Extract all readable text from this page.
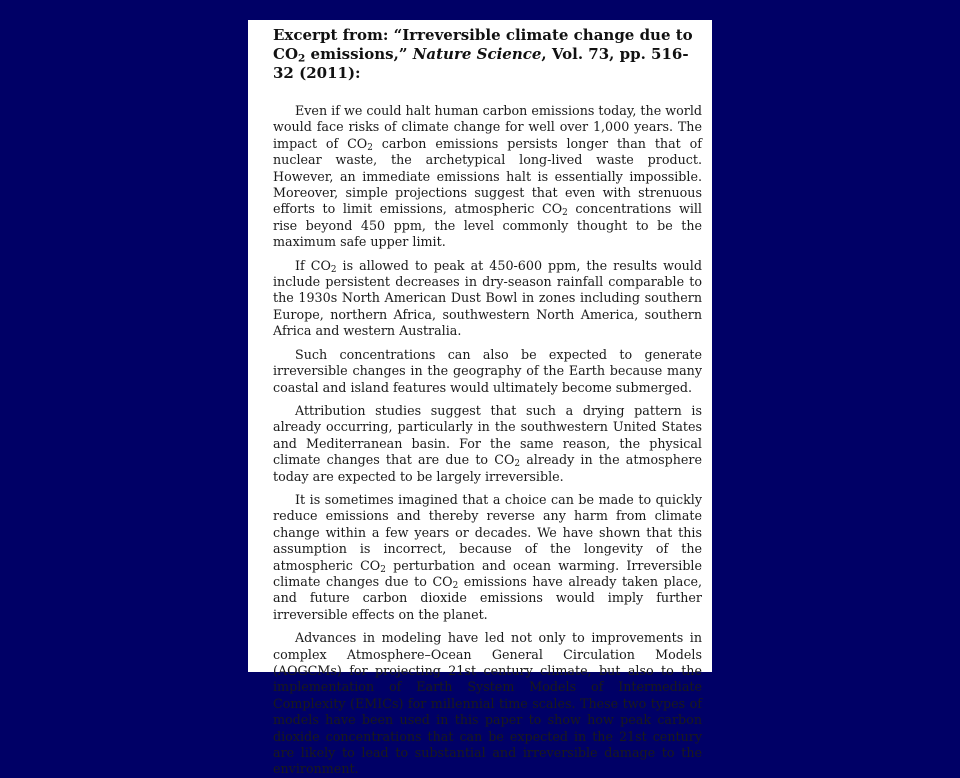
Excerpt from: “Irreversible climate change due to $CO_2$ emissions,” Nature Science, Vol. 73, pp. 516-32 (2011):

Even if we could halt human carbon emissions today, the world would face risks of climate change for well over 1,000 years. The impact of $CO_2$ carbon emissions persists longer than that of nuclear waste, the archetypical long-lived waste product. However, an immediate emissions halt is essentially impossible. Moreover, simple projections suggest that even with strenuous efforts to limit emissions, atmospheric $CO_2$ concentrations will rise beyond 450 ppm, the level commonly thought to be the maximum safe upper limit.

If $CO_2$ is allowed to peak at 450-600 ppm, the results would include persistent decreases in dry-season rainfall comparable to the 1930s North American Dust Bowl in zones including southern Europe, northern Africa, southwestern North America, southern Africa and western Australia.

Such concentrations can also be expected to generate irreversible changes in the geography of the Earth because many coastal and island features would ultimately become submerged.

Attribution studies suggest that such a drying pattern is already occurring, particularly in the southwestern United States and Mediterranean basin. For the same reason, the physical climate changes that are due to $CO_2$ already in the atmosphere today are expected to be largely irreversible.

It is sometimes imagined that a choice can be made to quickly reduce emissions and thereby reverse any harm from climate change within a few years or decades. We have shown that this assumption is incorrect, because of the longevity of the atmospheric $CO_2$ perturbation and ocean warming. Irreversible climate changes due to $CO_2$ emissions have already taken place, and future carbon dioxide emissions would imply further irreversible effects on the planet.

Advances in modeling have led not only to improvements in complex Atmosphere–Ocean General Circulation Models (AOGCMs) for projecting 21st century climate, but also to the implementation of Earth System Models of Intermediate Complexity (EMICs) for millennial time scales. These two types of models have been used in this paper to show how peak carbon dioxide concentrations that can be expected in the 21st century are likely to lead to substantial and irreversible damage to the environment.
